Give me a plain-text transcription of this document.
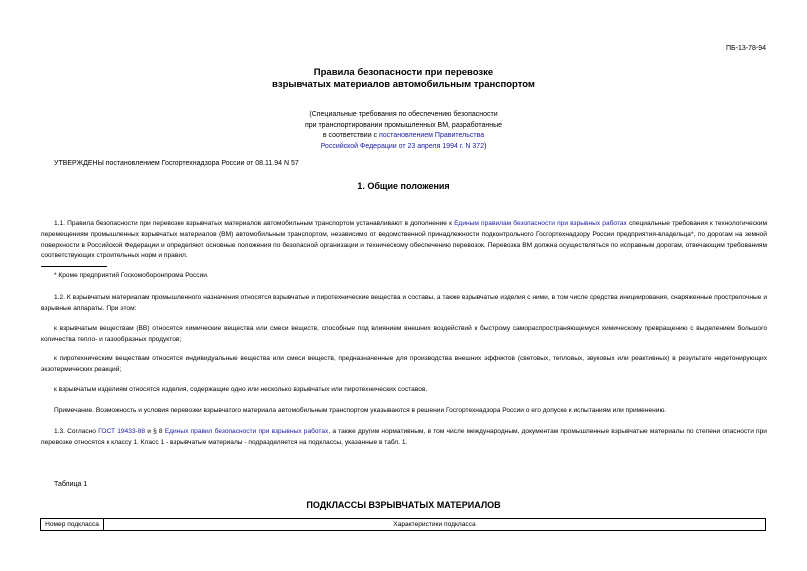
ПБ-13-78-94
Правила безопасности при перевозке
взрывчатых материалов автомобильным транспортом
(Специальные требования по обеспечению безопасности
при транспортировании промышленных ВМ, разработанные
в соответствии с постановлением Правительства
Российской Федерации от 23 апреля 1994 г. N 372)
УТВЕРЖДЕНЫ постановлением Госгортехнадзора России от 08.11.94 N 57
1. Общие положения
1.1. Правила безопасности при перевозке взрывчатых материалов автомобильным транспортом устанавливают в дополнение к Единым правилам безопасности при взрывных работах специальные требования к технологическим перемещениям промышленных взрывчатых материалов (ВМ) автомобильным транспортом, независимо от ведомственной принадлежности подконтрольного Госгортехнадзору России предприятия-владельца*, по дорогам на земной поверхности в Российской Федерации и определяют основные положения по безопасной организации и техническому обеспечению перевозок. Перевозка ВМ должна осуществляться по исправным дорогам, отвечающим требованиям соответствующих строительных норм и правил.
* Кроме предприятий Госкомоборонпрома России.
1.2. К взрывчатым материалам промышленного назначения относятся взрывчатые и пиротехнические вещества и составы, а также взрывчатые изделия с ними, в том числе средства инициирования, снаряженные прострелочные и взрывные аппараты. При этом:
к взрывчатым веществам (ВВ) относятся химические вещества или смеси веществ, способные под влиянием внешних воздействий к быстрому самораспространяющемуся химическому превращению с выделением большого количества тепло- и газообразных продуктов;
к пиротехническим веществам относятся индивидуальные вещества или смеси веществ, предназначенные для производства внешних эффектов (световых, тепловых, звуковых или реактивных) в результате недетонирующих экзотермических реакций;
к взрывчатым изделиям относятся изделия, содержащие одно или несколько взрывчатых или пиротехнических составов.
Примечание. Возможность и условия перевозки взрывчатого материала автомобильным транспортом указываются в решении Госгортехнадзора России о его допуске к испытаниям или применению.
1.3. Согласно ГОСТ 19433-88 и § 8 Единых правил безопасности при взрывных работах, а также другим нормативным, в том числе международным, документам промышленные взрывчатые материалы по степени опасности при перевозке относятся к классу 1. Класс 1 - взрывчатые материалы - подразделяется на подклассы, указанные в табл. 1.
Таблица 1
ПОДКЛАССЫ ВЗРЫВЧАТЫХ МАТЕРИАЛОВ
Номер подкласса	Характеристики подкласса
